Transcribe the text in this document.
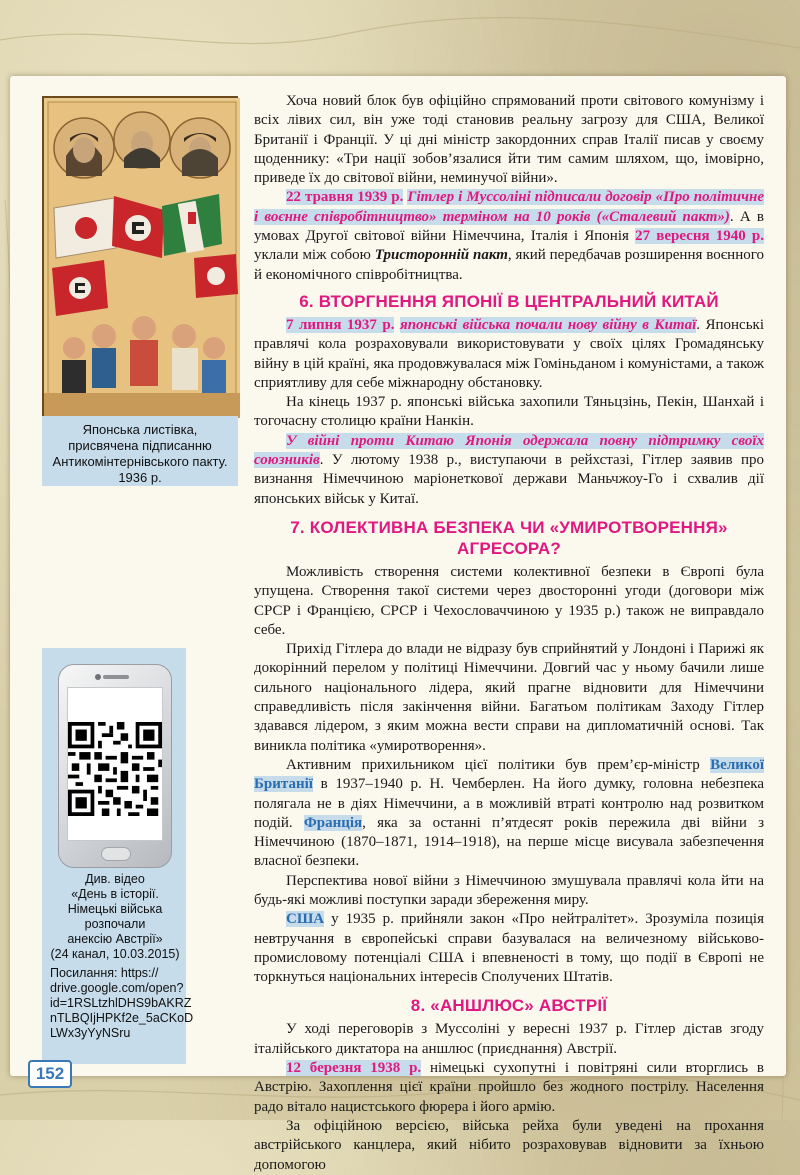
Японська листівка,
присвячена підписанню
Антикомінтернівського пакту.
1936 р.
Див. відео
«День в історії.
Німецькі війська
розпочали
анексію Австрії»
(24 канал, 10.03.2015)
Посилання: https://
drive.google.com/open?
id=1RSLtzhlDHS9bAKRZ
nTLBQIjHPKf2e_5aCKoD
LWx3yYyNSru
152

Хоча новий блок був офіційно спрямований проти світового комунізму і всіх лівих сил, він уже тоді становив реальну загрозу для США, Великої Британії і Франції. У ці дні міністр закордонних справ Італії писав у своєму щоденнику: «Три нації зобов’язалися йти тим самим шляхом, що, імовірно, приведе їх до світової війни, неминучої війни».

22 травня 1939 р. Гітлер і Муссоліні підписали договір «Про політичне і воєнне співробітництво» терміном на 10 років («Сталевий пакт»). А в умовах Другої світової війни Німеччина, Італія і Японія 27 вересня 1940 р. уклали між собою Тристоронній пакт, який передбачав розширення воєнного й економічного співробітництва.

6. ВТОРГНЕННЯ ЯПОНІЇ В ЦЕНТРАЛЬНИЙ КИТАЙ

7 липня 1937 р. японські війська почали нову війну в Китаї. Японські правлячі кола розраховували використовувати у своїх цілях Громадянську війну в цій країні, яка продовжувалася між Гоміньданом і комуністами, а також сприятливу для себе міжнародну обстановку.

На кінець 1937 р. японські війська захопили Тяньцзінь, Пекін, Шанхай і тогочасну столицю країни Нанкін.

У війні проти Китаю Японія одержала повну підтримку своїх союзників. У лютому 1938 р., виступаючи в рейхстазі, Гітлер заявив про визнання Німеччиною маріонеткової держави Маньчжоу-Го і схвалив дії японських військ у Китаї.

7. КОЛЕКТИВНА БЕЗПЕКА ЧИ «УМИРОТВОРЕННЯ»
АГРЕСОРА?

Можливість створення системи колективної безпеки в Європі була упущена. Створення такої системи через двосторонні угоди (договори між СРСР і Францією, СРСР і Чехословаччиною у 1935 р.) також не виправдало себе.

Прихід Гітлера до влади не відразу був сприйнятий у Лондоні і Парижі як докорінний перелом у політиці Німеччини. Довгий час у ньому бачили лише сильного національного лідера, який прагне відновити для Німеччини справедливість після закінчення війни. Багатьом політикам Заходу Гітлер здавався лідером, з яким можна вести справи на дипломатичній основі. Так виникла політика «умиротворення».

Активним прихильником цієї політики був прем’єр-міністр Великої Британії в 1937–1940 р. Н. Чемберлен. На його думку, головна небезпека полягала не в діях Німеччини, а в можливій втраті контролю над розвитком подій. Франція, яка за останні п’ятдесят років пережила дві війни з Німеччиною (1870–1871, 1914–1918), на перше місце висувала забезпечення власної безпеки.

Перспектива нової війни з Німеччиною змушувала правлячі кола йти на будь-які можливі поступки заради збереження миру.

США у 1935 р. прийняли закон «Про нейтралітет». Зрозуміла позиція невтручання в європейські справи базувалася на величезному військово-промисловому потенціалі США і впевненості в тому, що події в Європі не торкнуться національних інтересів Сполучених Штатів.

8. «АНШЛЮС» АВСТРІЇ

У ході переговорів з Муссоліні у вересні 1937 р. Гітлер дістав згоду італійського диктатора на аншлюс (приєднання) Австрії.

12 березня 1938 р. німецькі сухопутні і повітряні сили вторглись в Австрію. Захоплення цієї країни пройшло без жодного пострілу. Населення радо вітало нацистського фюрера і його армію.

За офіційною версією, війська рейха були уведені на прохання австрійського канцлера, який нібито розраховував відновити за їхньою допомогою
